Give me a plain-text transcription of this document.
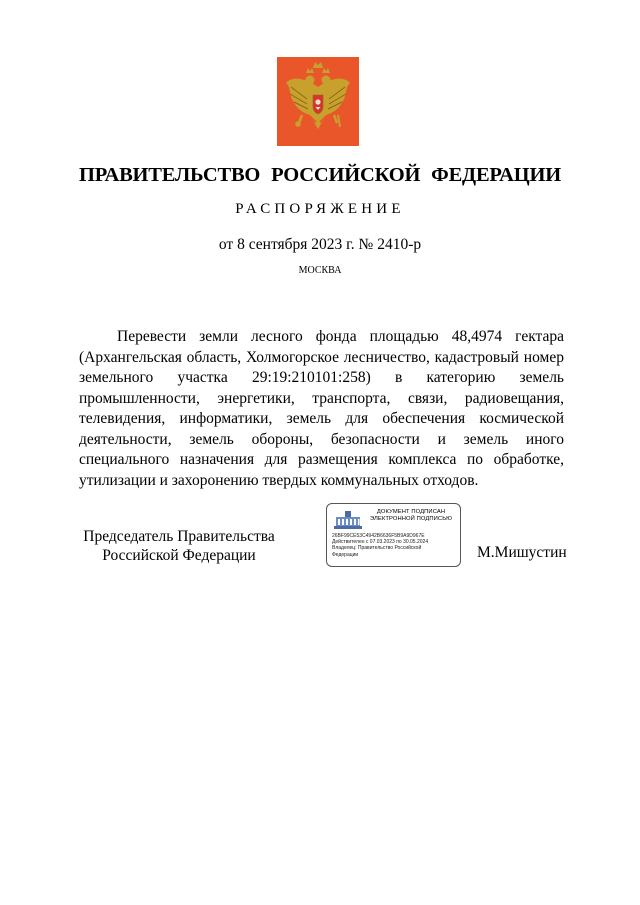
ПРАВИТЕЛЬСТВО РОССИЙСКОЙ ФЕДЕРАЦИИ
РАСПОРЯЖЕНИЕ
от 8 сентября 2023 г. № 2410-р
МОСКВА

Перевести земли лесного фонда площадью 48,4974 гектара (Архангельская область, Холмогорское лесничество, кадастровый номер земельного участка 29:19:210101:258) в категорию земель промышленности, энергетики, транспорта, связи, радиовещания, телевидения, информатики, земель для обеспечения космической деятельности, земель обороны, безопасности и земель иного специального назначения для размещения комплекса по обработке, утилизации и захоронению твердых коммунальных отходов.

Председатель Правительства
Российской Федерации
ДОКУМЕНТ ПОДПИСАН
ЭЛЕКТРОННОЙ ПОДПИСЬЮ
26BF99CE53C4942B6636F5B9A9D967E
Действителен с 07.03.2023 по 30.05.2024
Владелец: Правительство Российской
Федерации	М.Мишустин
